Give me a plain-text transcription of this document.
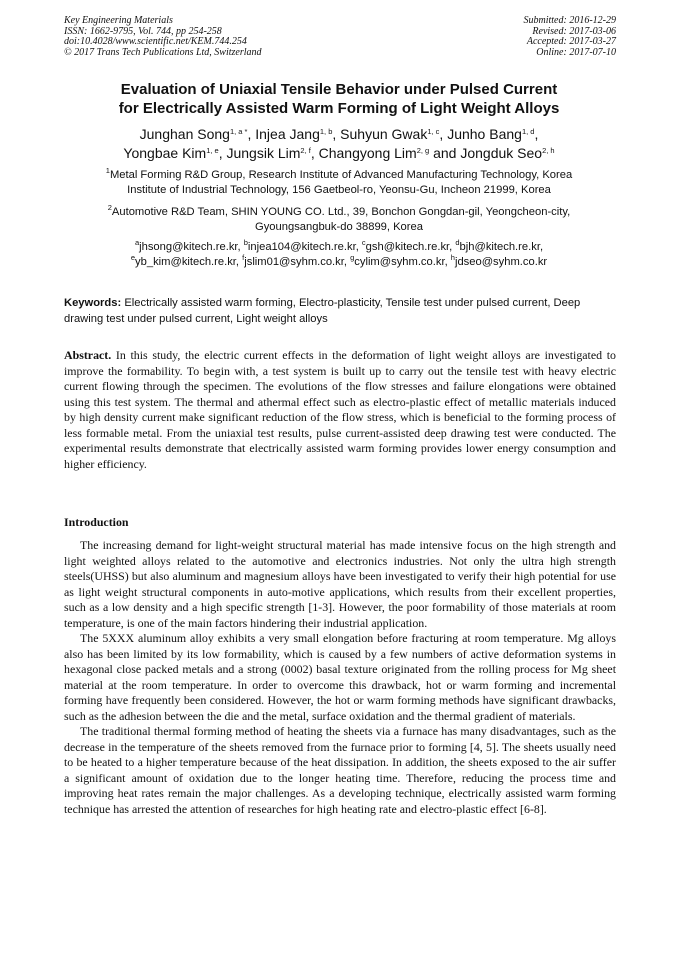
Key Engineering Materials
ISSN: 1662-9795, Vol. 744, pp 254-258
doi:10.4028/www.scientific.net/KEM.744.254
© 2017 Trans Tech Publications Ltd, Switzerland
Submitted: 2016-12-29
Revised: 2017-03-06
Accepted: 2017-03-27
Online: 2017-07-10
Evaluation of Uniaxial Tensile Behavior under Pulsed Current
for Electrically Assisted Warm Forming of Light Weight Alloys
Junghan Song$^{1, a *}$, Injea Jang$^{1, b}$, Suhyun Gwak$^{1, c}$, Junho Bang$^{1, d}$,
Yongbae Kim$^{1, e}$, Jungsik Lim$^{2, f}$, Changyong Lim$^{2, g}$ and Jongduk Seo$^{2, h}$
$^1$Metal Forming R&D Group, Research Institute of Advanced Manufacturing Technology, Korea
Institute of Industrial Technology, 156 Gaetbeol-ro, Yeonsu-Gu, Incheon 21999, Korea
$^2$Automotive R&D Team, SHIN YOUNG CO. Ltd., 39, Bonchon Gongdan-gil, Yeongcheon-city,
Gyoungsangbuk-do 38899, Korea
$^a$jhsong@kitech.re.kr, $^b$injea104@kitech.re.kr, $^c$gsh@kitech.re.kr, $^d$bjh@kitech.re.kr,
$^e$yb_kim@kitech.re.kr, $^f$jslim01@syhm.co.kr, $^g$cylim@syhm.co.kr, $^h$jdseo@syhm.co.kr
Keywords: Electrically assisted warm forming, Electro-plasticity, Tensile test under pulsed current, Deep drawing test under pulsed current, Light weight alloys

Abstract. In this study, the electric current effects in the deformation of light weight alloys are investigated to improve the formability. To begin with, a test system is built up to carry out the tensile test with heavy electric current flowing through the specimen. The evolutions of the flow stresses and failure elongations were obtained using this test system. The thermal and athermal effect such as electro-plastic effect of metallic materials induced by high density current make significant reduction of the flow stress, which is beneficial to the forming process of less formable metal. From the uniaxial test results, pulse current-assisted deep drawing test were conducted. The experimental results demonstrate that electrically assisted warm forming provides lower energy consumption and higher efficiency.

Introduction

The increasing demand for light-weight structural material has made intensive focus on the high strength and light weighted alloys related to the automotive and electronics industries. Not only the ultra high strength steels(UHSS) but also aluminum and magnesium alloys have been investigated to verify their high potential for use as light weight structural components in auto-motive applications, which results from their excellent properties, such as a low density and a high specific strength [1-3]. However, the poor formability of those materials at room temperature, is one of the main factors hindering their industrial application.

The 5XXX aluminum alloy exhibits a very small elongation before fracturing at room temperature. Mg alloys also has been limited by its low formability, which is caused by a few numbers of active deformation systems in hexagonal close packed metals and a strong (0002) basal texture originated from the rolling process for Mg sheet material at the room temperature. In order to overcome this drawback, hot or warm forming and incremental forming have frequently been considered. However, the hot or warm forming methods have significant drawbacks, such as the adhesion between the die and the metal, surface oxidation and the thermal gradient of materials.

The traditional thermal forming method of heating the sheets via a furnace has many disadvantages, such as the decrease in the temperature of the sheets removed from the furnace prior to forming [4, 5]. The sheets usually need to be heated to a higher temperature because of the heat dissipation. In addition, the sheets exposed to the air suffer a significant amount of oxidation due to the longer heating time. Therefore, reducing the process time and improving heat rates remain the major challenges. As a developing technique, electrically assisted warm forming technique has arrested the attention of researches for high heating rate and electro-plastic effect [6-8].
